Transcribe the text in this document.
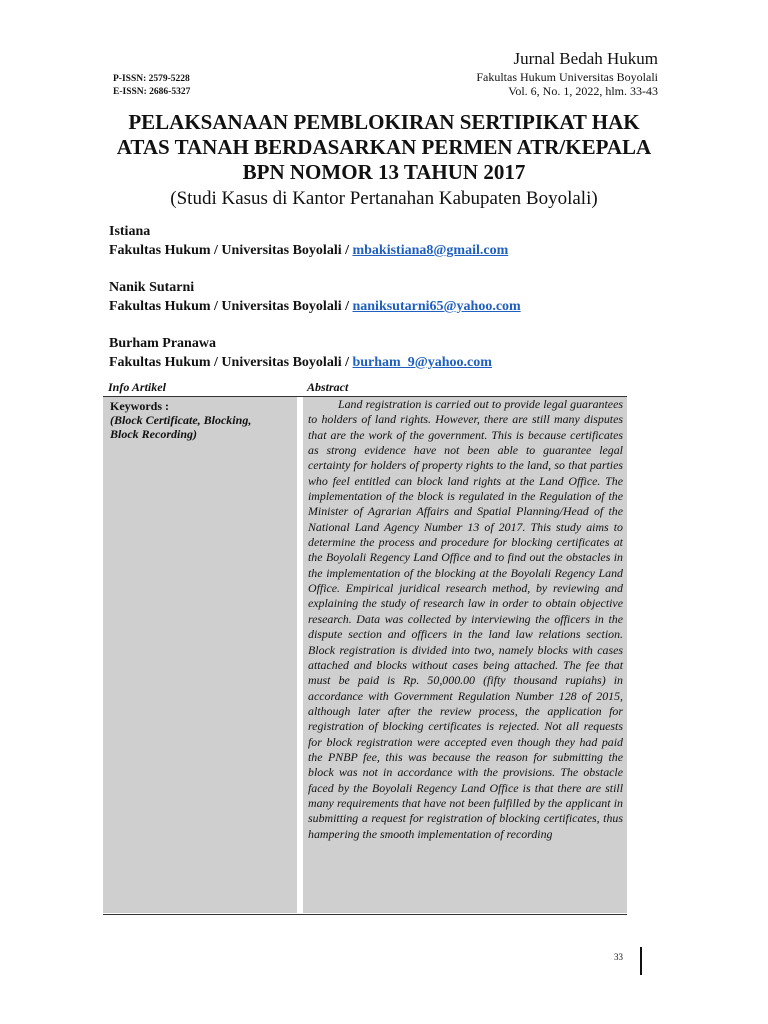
P-ISSN: 2579-5228
E-ISSN: 2686-5327
Jurnal Bedah Hukum
Fakultas Hukum Universitas Boyolali
Vol. 6, No. 1, 2022, hlm. 33-43
PELAKSANAAN PEMBLOKIRAN SERTIPIKAT HAK
ATAS TANAH BERDASARKAN PERMEN ATR/KEPALA
BPN NOMOR 13 TAHUN 2017
(Studi Kasus di Kantor Pertanahan Kabupaten Boyolali)
Istiana
Fakultas Hukum / Universitas Boyolali / mbakistiana8@gmail.com
Nanik Sutarni
Fakultas Hukum / Universitas Boyolali / naniksutarni65@yahoo.com
Burham Pranawa
Fakultas Hukum / Universitas Boyolali / burham_9@yahoo.com
Info Artikel	Abstract
Keywords :
(Block Certificate, Blocking,
Block Recording)
Land registration is carried out to provide legal guarantees to holders of land rights. However, there are still many disputes that are the work of the government. This is because certificates as strong evidence have not been able to guarantee legal certainty for holders of property rights to the land, so that parties who feel entitled can block land rights at the Land Office. The implementation of the block is regulated in the Regulation of the Minister of Agrarian Affairs and Spatial Planning/Head of the National Land Agency Number 13 of 2017. This study aims to determine the process and procedure for blocking certificates at the Boyolali Regency Land Office and to find out the obstacles in the implementation of the blocking at the Boyolali Regency Land Office. Empirical juridical research method, by reviewing and explaining the study of research law in order to obtain objective research. Data was collected by interviewing the officers in the dispute section and officers in the land law relations section. Block registration is divided into two, namely blocks with cases attached and blocks without cases being attached. The fee that must be paid is Rp. 50,000.00 (fifty thousand rupiahs) in accordance with Government Regulation Number 128 of 2015, although later after the review process, the application for registration of blocking certificates is rejected. Not all requests for block registration were accepted even though they had paid the PNBP fee, this was because the reason for submitting the block was not in accordance with the provisions. The obstacle faced by the Boyolali Regency Land Office is that there are still many requirements that have not been fulfilled by the applicant in submitting a request for registration of blocking certificates, thus hampering the smooth implementation of recording
33
